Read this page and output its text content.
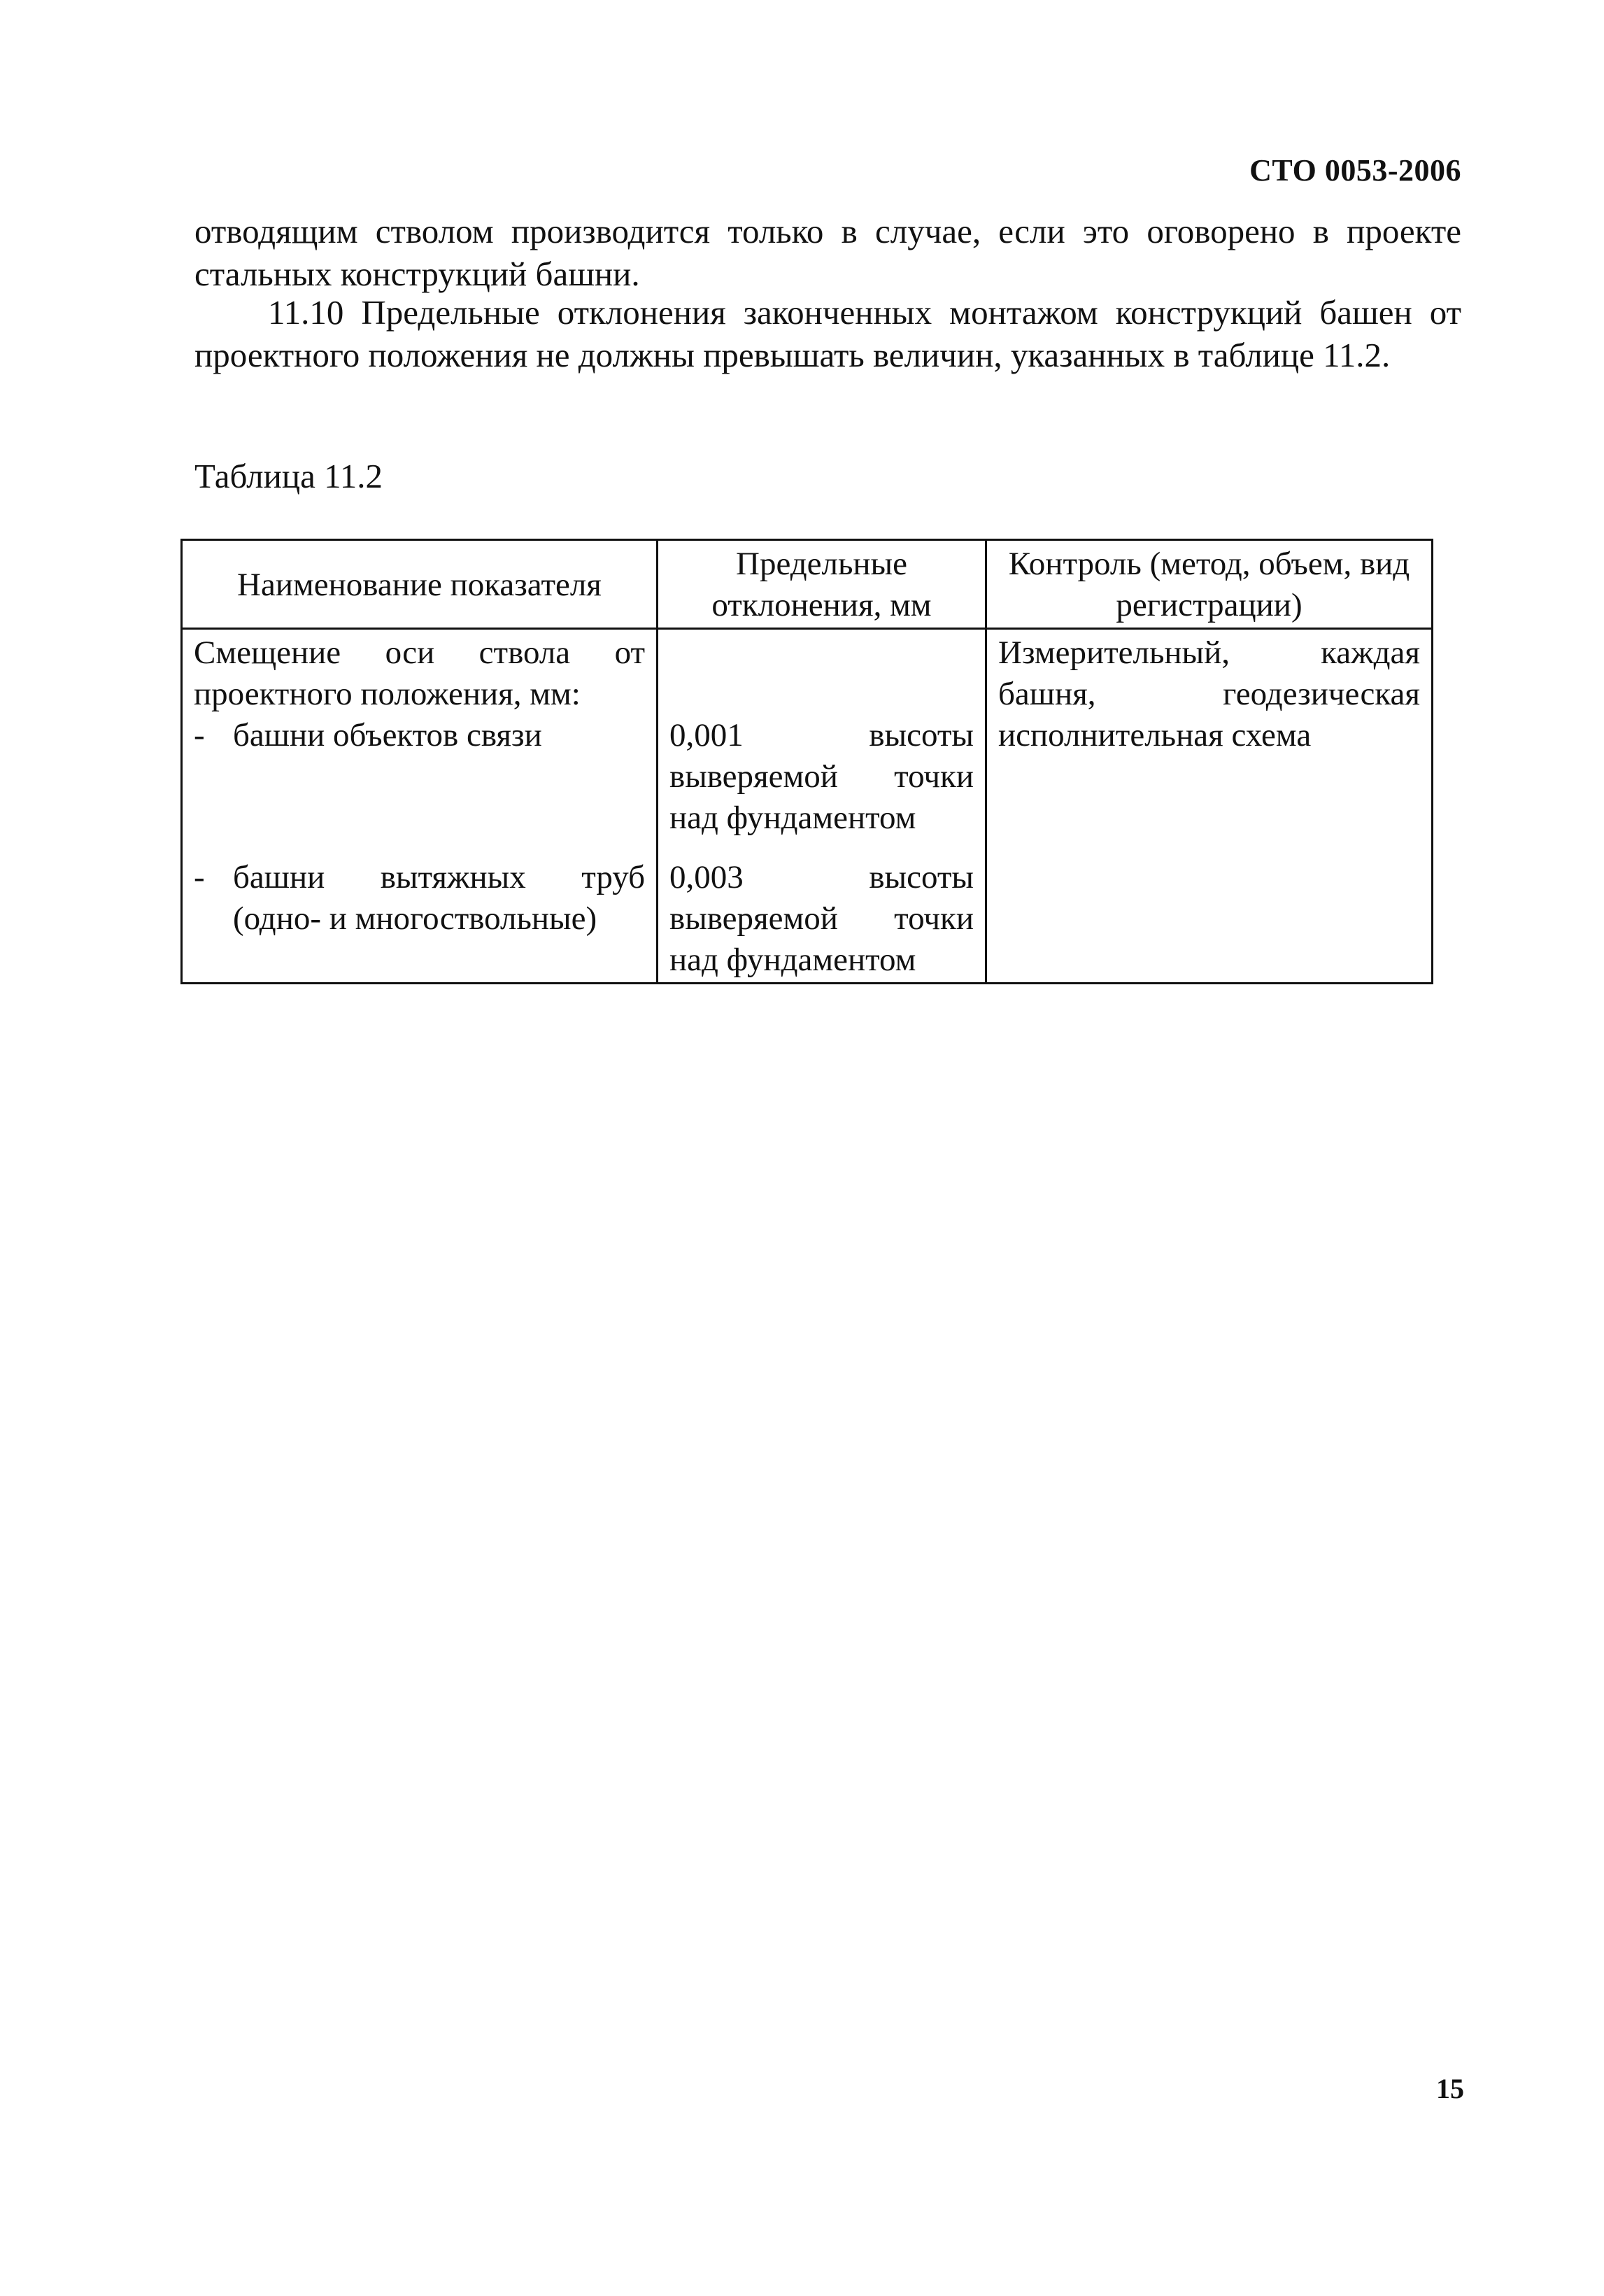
СТО 0053-2006

отводящим стволом производится только в случае, если это оговорено в проекте стальных конструкций башни.

11.10 Предельные отклонения законченных монтажом конструкций башен от проектного положения не должны превышать величин, указанных в таблице 11.2.

Таблица 11.2
Наименование показателя	Предельные отклонения, мм	Контроль (метод, объем, вид регистрации)

Смещение оси ствола от проектного положения, мм:
- башни объектов связи	0,001 высоты выверяемой точки над фундаментом	Измерительный, каждая башня, геодезическая исполнительная схема

- башни вытяжных труб (одно- и многоствольные)	0,003 высоты выверяемой точки над фундаментом	

15
